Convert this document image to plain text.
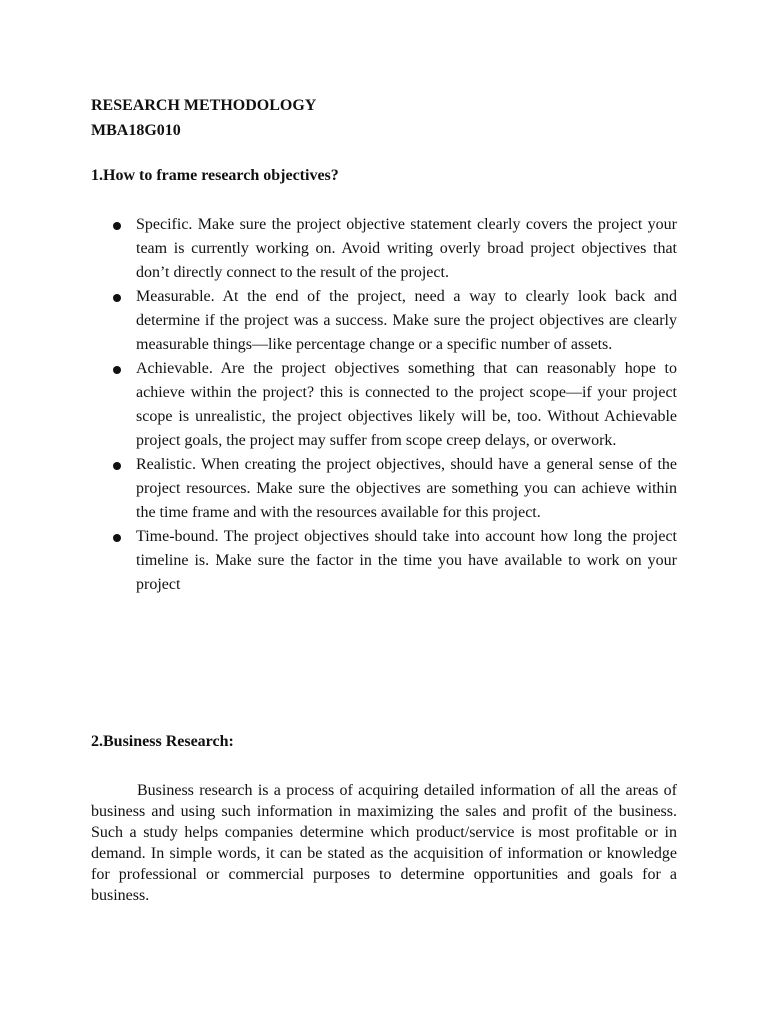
RESEARCH METHODOLOGY
MBA18G010
1.How to frame research objectives?
Specific. Make sure the project objective statement clearly covers the project your team is currently working on. Avoid writing overly broad project objectives that don’t directly connect to the result of the project.
Measurable. At the end of the project, need a way to clearly look back and determine if the project was a success. Make sure the project objectives are clearly measurable things—like percentage change or a specific number of assets.
Achievable. Are the project objectives something that can reasonably hope to achieve within the project? this is connected to the project scope—if your project scope is unrealistic, the project objectives likely will be, too. Without Achievable project goals, the project may suffer from scope creep delays, or overwork.
Realistic. When creating the project objectives, should have a general sense of the project resources. Make sure the objectives are something you can achieve within the time frame and with the resources available for this project.
Time-bound. The project objectives should take into account how long the project timeline is. Make sure the factor in the time you have available to work on your project
2.Business Research:

Business research is a process of acquiring detailed information of all the areas of business and using such information in maximizing the sales and profit of the business. Such a study helps companies determine which product/service is most profitable or in demand. In simple words, it can be stated as the acquisition of information or knowledge for professional or commercial purposes to determine opportunities and goals for a business.
